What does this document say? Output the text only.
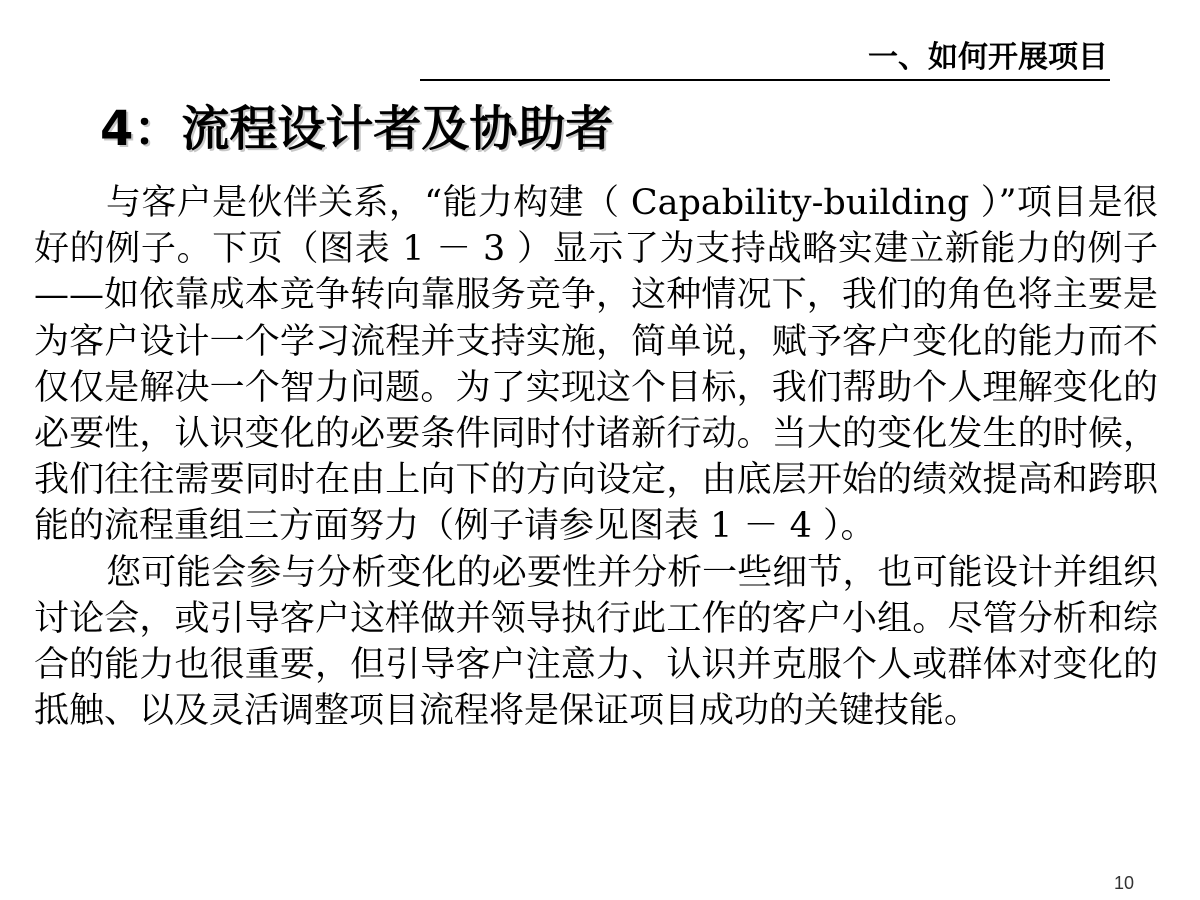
一、如何开展项目
4：流程设计者及协助者
与客户是伙伴关系，“能力构建（ Capability-building ）”项目是很好的例子。下页（图表 1 － 3 ）显示了为支持战略实建立新能力的例子——如依靠成本竞争转向靠服务竞争，这种情况下，我们的角色将主要是为客户设计一个学习流程并支持实施，简单说，赋予客户变化的能力而不仅仅是解决一个智力问题。为了实现这个目标，我们帮助个人理解变化的必要性，认识变化的必要条件同时付诸新行动。当大的变化发生的时候，我们往往需要同时在由上向下的方向设定，由底层开始的绩效提高和跨职能的流程重组三方面努力（例子请参见图表 1 － 4 ）。
您可能会参与分析变化的必要性并分析一些细节，也可能设计并组织讨论会，或引导客户这样做并领导执行此工作的客户小组。尽管分析和综合的能力也很重要，但引导客户注意力、认识并克服个人或群体对变化的抵触、以及灵活调整项目流程将是保证项目成功的关键技能。
10
